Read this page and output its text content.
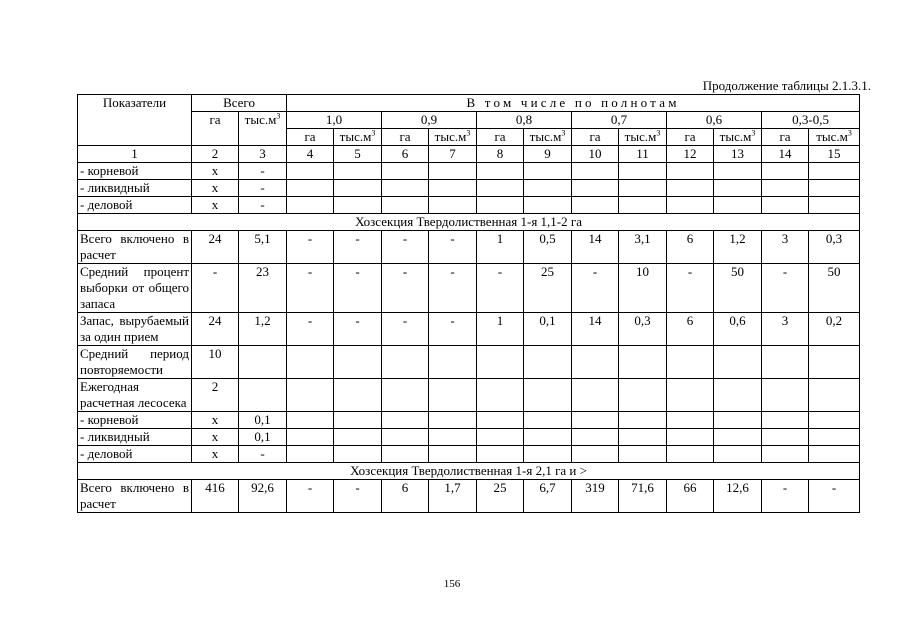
Продолжение таблицы 2.1.3.1.
Показатели	Всего		В том числе по полнотам											
	га	$тыс.м^3$	1,0		0,9		0,8		0,7		0,6		0,3-0,5	
			га	$тыс.м^3$	га	$тыс.м^3$	га	$тыс.м^3$	га	$тыс.м^3$	га	$тыс.м^3$	га	$тыс.м^3$
1	2	3	4	5	6	7	8	9	10	11	12	13	14	15
- корневой	x	-												
- ликвидный	x	-												
- деловой	x	-												
Хозсекция Твердолиственная 1-я 1,1-2 га														
Всего включено в расчет	24	5,1	-	-	-	-	1	0,5	14	3,1	6	1,2	3	0,3
Средний процент выборки от общего запаса	-	23	-	-	-	-	-	25	-	10	-	50	-	50
Запас, вырубаемый за один прием	24	1,2	-	-	-	-	1	0,1	14	0,3	6	0,6	3	0,2
Средний период повторяемости	10													
Ежегодная расчетная лесосека	2													
- корневой	x	0,1												
- ликвидный	x	0,1												
- деловой	x	-												
Хозсекция Твердолиственная 1-я 2,1 га и >														
Всего включено в расчет	416	92,6	-	-	6	1,7	25	6,7	319	71,6	66	12,6	-	-
156
